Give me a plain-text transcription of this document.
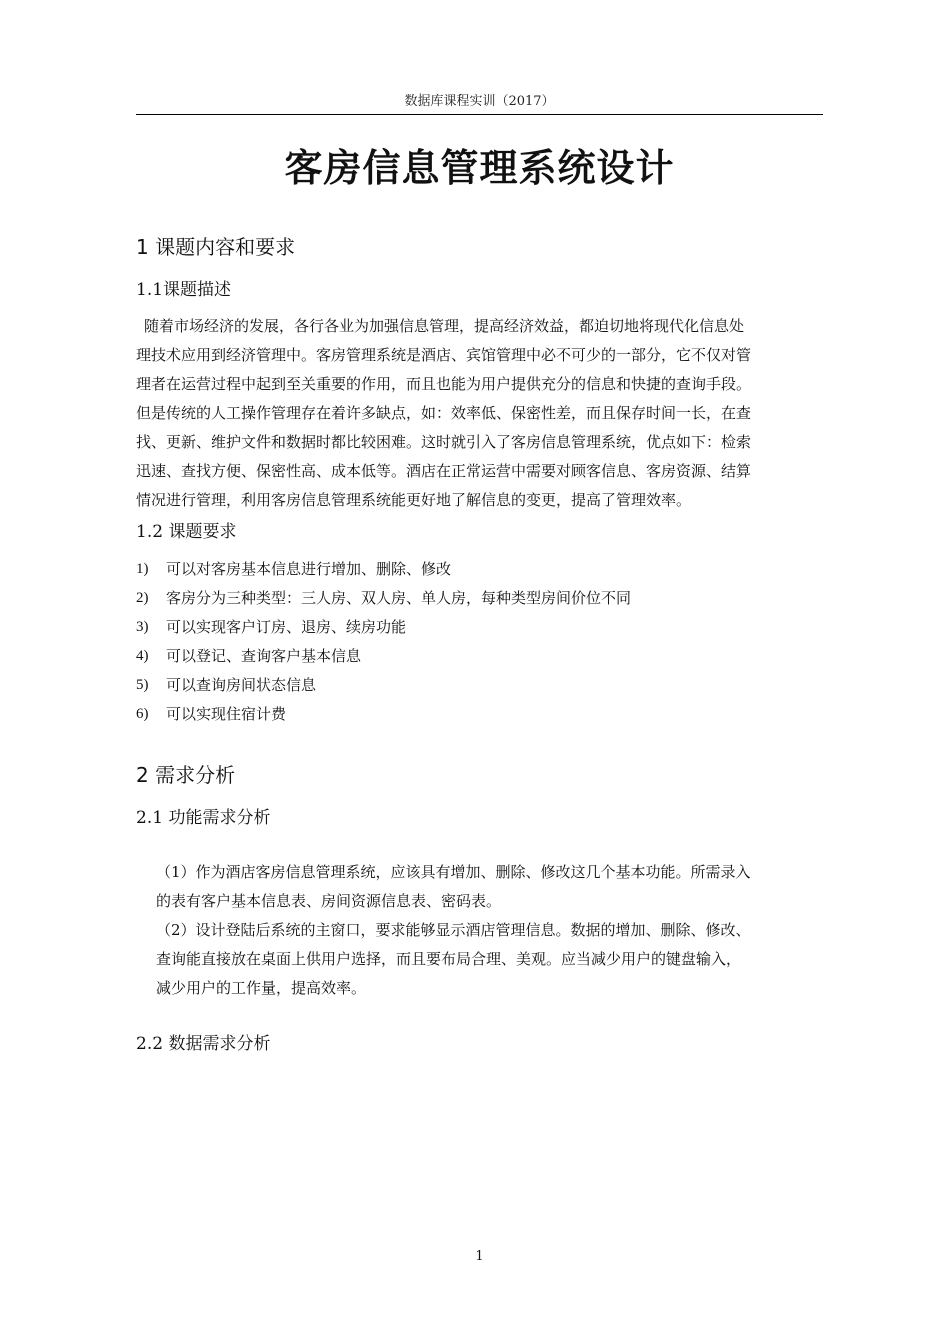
数据库课程实训（2017）
客房信息管理系统设计
1 课题内容和要求
1.1课题描述
随着市场经济的发展，各行各业为加强信息管理，提高经济效益，都迫切地将现代化信息处
理技术应用到经济管理中。客房管理系统是酒店、宾馆管理中必不可少的一部分，它不仅对管
理者在运营过程中起到至关重要的作用，而且也能为用户提供充分的信息和快捷的查询手段。
但是传统的人工操作管理存在着许多缺点，如：效率低、保密性差，而且保存时间一长，在查
找、更新、维护文件和数据时都比较困难。这时就引入了客房信息管理系统，优点如下：检索
迅速、查找方便、保密性高、成本低等。酒店在正常运营中需要对顾客信息、客房资源、结算
情况进行管理，利用客房信息管理系统能更好地了解信息的变更，提高了管理效率。
1.2 课题要求
1)	可以对客房基本信息进行增加、删除、修改
2)	客房分为三种类型：三人房、双人房、单人房，每种类型房间价位不同
3)	可以实现客户订房、退房、续房功能
4)	可以登记、查询客户基本信息
5)	可以查询房间状态信息
6)	可以实现住宿计费
2 需求分析
2.1 功能需求分析
（1）作为酒店客房信息管理系统，应该具有增加、删除、修改这几个基本功能。所需录入
的表有客户基本信息表、房间资源信息表、密码表。
（2）设计登陆后系统的主窗口，要求能够显示酒店管理信息。数据的增加、删除、修改、
查询能直接放在桌面上供用户选择，而且要布局合理、美观。应当减少用户的键盘输入，
减少用户的工作量，提高效率。
2.2 数据需求分析
1
